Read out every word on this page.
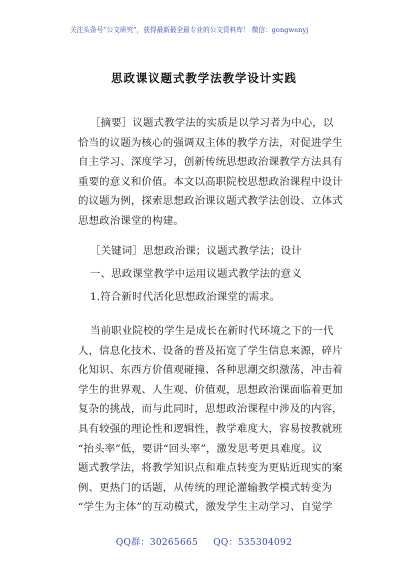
关注头条号“公文研究”，获得最新最全最专业的公文资料库！ 微信：gongwenyj
思政课议题式教学法教学设计实践
［摘要］议题式教学法的实质是以学习者为中心，以
恰当的议题为核心的强调双主体的教学方法，对促进学生
自主学习、深度学习，创新传统思想政治课教学方法具有
重要的意义和价值。本文以高职院校思想政治课程中设计
的议题为例，探索思想政治课议题式教学法创设、立体式
思想政治课堂的构建。
［关键词］思想政治课；议题式教学法；设计
一、思政课堂教学中运用议题式教学法的意义
1.符合新时代活化思想政治课堂的需求。
当前职业院校的学生是成长在新时代环境之下的一代
人，信息化技术、设备的普及拓宽了学生信息来源，碎片
化知识、东西方价值观碰撞、各种思潮交织激荡，冲击着
学生的世界观、人生观、价值观，思想政治课面临着更加
复杂的挑战，而与此同时，思想政治课程中涉及的内容，
具有较强的理论性和逻辑性，教学难度大，容易按教就班
“抬头率”低，要讲“回头率”，激发思考更具难度。议
题式教学法，将教学知识点和难点转变为更贴近现实的案
例、更热门的话题，从传统的理论灌输教学模式转变为
“学生为主体”的互动模式，激发学生主动学习、自觉学
QQ群：30265665 QQ：535304092
